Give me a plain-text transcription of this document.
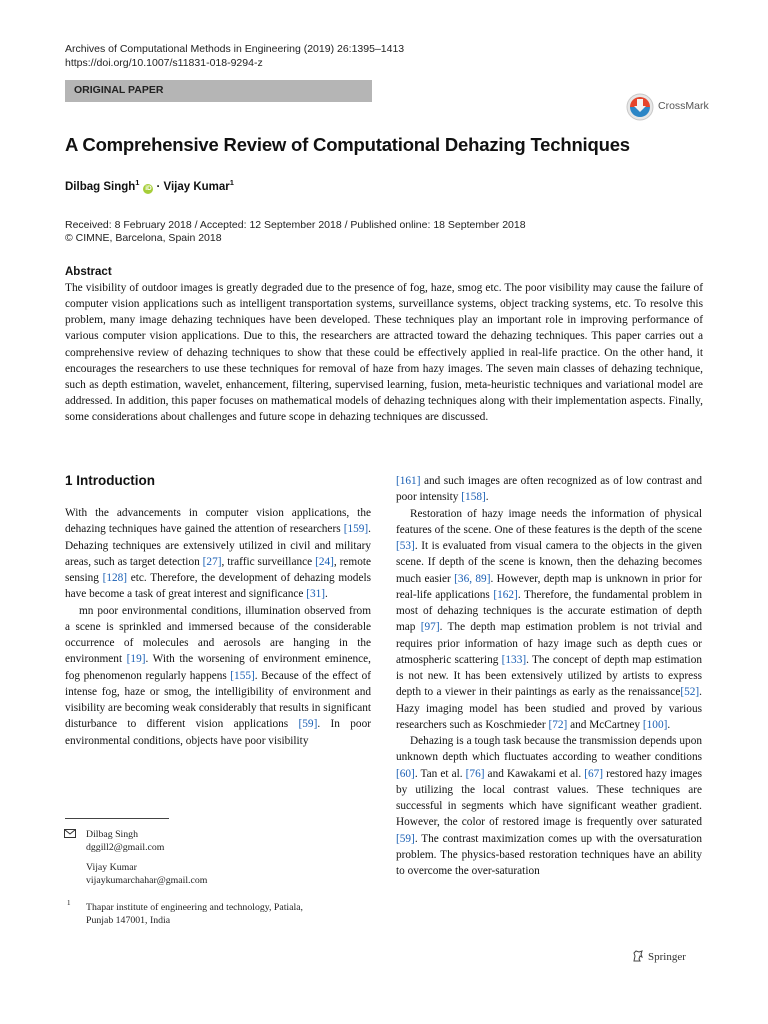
Archives of Computational Methods in Engineering (2019) 26:1395–1413
https://doi.org/10.1007/s11831-018-9294-z
ORIGINAL PAPER
CrossMark
A Comprehensive Review of Computational Dehazing Techniques
Dilbag Singh$^1$iD · Vijay Kumar$^1$
Received: 8 February 2018 / Accepted: 12 September 2018 / Published online: 18 September 2018
© CIMNE, Barcelona, Spain 2018
Abstract
The visibility of outdoor images is greatly degraded due to the presence of fog, haze, smog etc. The poor visibility may cause the failure of computer vision applications such as intelligent transportation systems, surveillance systems, object tracking systems, etc. To resolve this problem, many image dehazing techniques have been developed. These techniques play an important role in improving performance of various computer vision applications. Due to this, the researchers are attracted toward the dehazing techniques. This paper carries out a comprehensive review of dehazing techniques to show that these could be effectively applied in real-life practice. On the other hand, it encourages the researchers to use these techniques for removal of haze from hazy images. The seven main classes of dehazing technique, such as depth estimation, wavelet, enhancement, filtering, supervised learning, fusion, meta-heuristic techniques and variational model are addressed. In addition, this paper focuses on mathematical models of dehazing techniques along with their implementation aspects. Finally, some considerations about challenges and future scope in dehazing techniques are discussed.
1 Introduction

With the advancements in computer vision applications, the dehazing techniques have gained the attention of researchers [159]. Dehazing techniques are extensively utilized in civil and military areas, such as target detection [27], traffic surveillance [24], remote sensing [128] etc. Therefore, the development of dehazing models have become a task of great interest and significance [31].

mn poor environmental conditions, illumination observed from a scene is sprinkled and immersed because of the considerable occurrence of molecules and aerosols are hanging in the environment [19]. With the worsening of environment eminence, fog phenomenon regularly happens [155]. Because of the effect of intense fog, haze or smog, the intelligibility of environment and visibility are becoming weak considerably that results in significant disturbance to different vision applications [59]. In poor environmental conditions, objects have poor visibility

[161] and such images are often recognized as of low contrast and poor intensity [158].

Restoration of hazy image needs the information of physical features of the scene. One of these features is the depth of the scene [53]. It is evaluated from visual camera to the objects in the given scene. If depth of the scene is known, then the dehazing becomes much easier [36, 89]. However, depth map is unknown in prior for real-life applications [162]. Therefore, the fundamental problem in most of dehazing techniques is the accurate estimation of depth map [97]. The depth map estimation problem is not trivial and requires prior information of hazy image such as depth cues or atmospheric scattering [133]. The concept of depth map estimation is not new. It has been extensively utilized by artists to express depth to a viewer in their paintings as early as the renaissance[52]. Hazy imaging model has been studied and proved by various researchers such as Koschmieder [72] and McCartney [100].

Dehazing is a tough task because the transmission depends upon unknown depth which fluctuates according to weather conditions [60]. Tan et al. [76] and Kawakami et al. [67] restored hazy images by utilizing the local contrast values. These techniques are successful in segments which have significant weather gradient. However, the color of restored image is frequently over saturated [59]. The contrast maximization comes up with the oversaturation problem. The physics-based restoration techniques have an ability to overcome the over-saturation

Dilbag Singh
dggill2@gmail.com
Vijay Kumar
vijaykumarchahar@gmail.com
1 Thapar institute of engineering and technology, Patiala,
Punjab 147001, India
Springer
